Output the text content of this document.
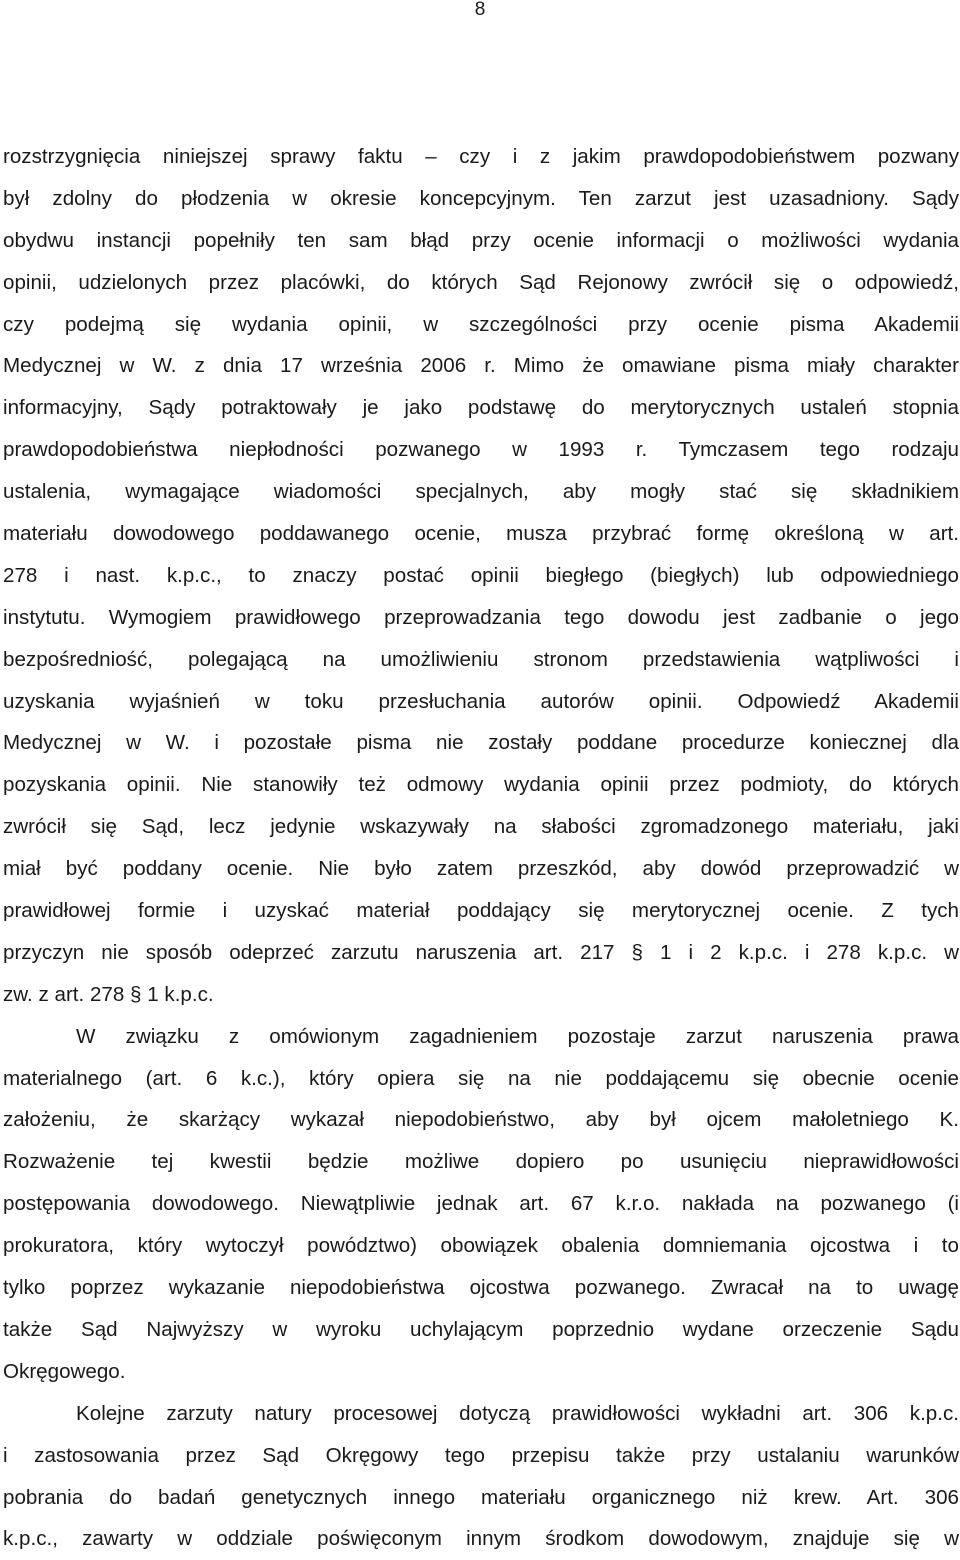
8
rozstrzygnięcia niniejszej sprawy faktu – czy i z jakim prawdopodobieństwem pozwany
był zdolny do płodzenia w okresie koncepcyjnym. Ten zarzut jest uzasadniony. Sądy
obydwu instancji popełniły ten sam błąd przy ocenie informacji o możliwości wydania
opinii, udzielonych przez placówki, do których Sąd Rejonowy zwrócił się o odpowiedź,
czy podejmą się wydania opinii, w szczególności przy ocenie pisma Akademii
Medycznej w W. z dnia 17 września 2006 r. Mimo że omawiane pisma miały charakter
informacyjny, Sądy potraktowały je jako podstawę do merytorycznych ustaleń stopnia
prawdopodobieństwa niepłodności pozwanego w 1993 r. Tymczasem tego rodzaju
ustalenia, wymagające wiadomości specjalnych, aby mogły stać się składnikiem
materiału dowodowego poddawanego ocenie, musza przybrać formę określoną w art.
278 i nast. k.p.c., to znaczy postać opinii biegłego (biegłych) lub odpowiedniego
instytutu. Wymogiem prawidłowego przeprowadzania tego dowodu jest zadbanie o jego
bezpośredniość, polegającą na umożliwieniu stronom przedstawienia wątpliwości i
uzyskania wyjaśnień w toku przesłuchania autorów opinii. Odpowiedź Akademii
Medycznej w W. i pozostałe pisma nie zostały poddane procedurze koniecznej dla
pozyskania opinii. Nie stanowiły też odmowy wydania opinii przez podmioty, do których
zwrócił się Sąd, lecz jedynie wskazywały na słabości zgromadzonego materiału, jaki
miał być poddany ocenie. Nie było zatem przeszkód, aby dowód przeprowadzić w
prawidłowej formie i uzyskać materiał poddający się merytorycznej ocenie. Z tych
przyczyn nie sposób odeprzeć zarzutu naruszenia art. 217 § 1 i 2 k.p.c. i 278 k.p.c. w
zw. z art. 278 § 1 k.p.c.
W związku z omówionym zagadnieniem pozostaje zarzut naruszenia prawa
materialnego (art. 6 k.c.), który opiera się na nie poddającemu się obecnie ocenie
założeniu, że skarżący wykazał niepodobieństwo, aby był ojcem małoletniego K.
Rozważenie tej kwestii będzie możliwe dopiero po usunięciu nieprawidłowości
postępowania dowodowego. Niewątpliwie jednak art. 67 k.r.o. nakłada na pozwanego (i
prokuratora, który wytoczył powództwo) obowiązek obalenia domniemania ojcostwa i to
tylko poprzez wykazanie niepodobieństwa ojcostwa pozwanego. Zwracał na to uwagę
także Sąd Najwyższy w wyroku uchylającym poprzednio wydane orzeczenie Sądu
Okręgowego.
Kolejne zarzuty natury procesowej dotyczą prawidłowości wykładni art. 306 k.p.c.
i zastosowania przez Sąd Okręgowy tego przepisu także przy ustalaniu warunków
pobrania do badań genetycznych innego materiału organicznego niż krew. Art. 306
k.p.c., zawarty w oddziale poświęconym innym środkom dowodowym, znajduje się w
